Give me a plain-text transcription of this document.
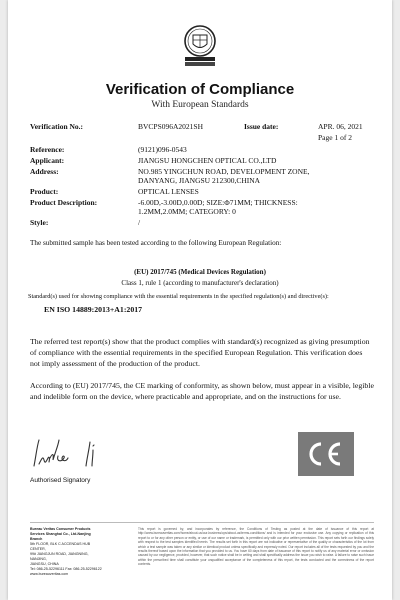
Verification of Compliance
With European Standards
Verification No.:	BVCPS096A2021SH	Issue date:	APR. 06, 2021
Page 1 of 2
Reference:	(9121)096-0543
Applicant:	JIANGSU HONGCHEN OPTICAL CO.,LTD
Address:	NO.985 YINGCHUN ROAD, DEVELOPMENT ZONE,
DANYANG, JIANGSU 212300,CHINA
Product:	OPTICAL LENSES
Product Description:	-6.00D,-3.00D,0.00D; SIZE:Φ71MM; THICKNESS:
1.2MM,2.0MM; CATEGORY: 0
Style:	/
The submitted sample has been tested according to the following European Regulation:
(EU) 2017/745 (Medical Devices Regulation)
Class 1, rule 1 (according to manufacturer's declaration)
Standard(s) used for showing compliance with the essential requirements in the specified regulation(s) and directive(s):
EN ISO 14889:2013+A1:2017
The referred test report(s) show that the product complies with standard(s) recognized as giving presumption of compliance with the essential requirements in the specified European Regulation. This verification does not imply assessment of the production of the product.
According to (EU) 2017/745, the CE marking of conformity, as shown below, must appear in a visible, legible and indelible form on the device, where practicable and appropriate, and on the instructions for use.
Authorised Signatory
Bureau Veritas Consumer Products
Services Shanghai Co., Ltd-Nanjing
Branch
5th FLOOR, BLK C ACCENDAS HUB
CENTER,
99# JIANGJUN ROAD, JIANGNING,
NANJING,
JIANGSU, CHINA
Tel: 086-25-52296111 Fax: 086-25-52296122
www.bureauveritas.com
This report is governed by, and incorporates by reference, the Conditions of Testing as posted at the date of issuance of this report at http://www.bureauveritas.com/home/about-us/our-business/cps/about-us/terms-conditions/ and is intended for your exclusive use. Any copying or replication of this report to or for any other person or entity, or use of our name or trademark, is permitted only with our prior written permission. This report sets forth our findings solely with respect to the test samples identified herein. The results set forth in this report are not indicative or representative of the quality or characteristics of the lot from which a test sample was taken or any similar or identical product unless specifically and expressly noted. Our report includes all of the tests requested by you and the results thereof based upon the information that you provided to us. You have 60 days from date of issuance of this report to notify us of any material error or omission caused by our negligence, provided, however, that such notice shall be in writing and shall specifically address the issue you wish to raise. A failure to raise such issue within the prescribed time shall constitute your unqualified acceptance of the completeness of this report, the tests conducted and the correctness of the report contents.
